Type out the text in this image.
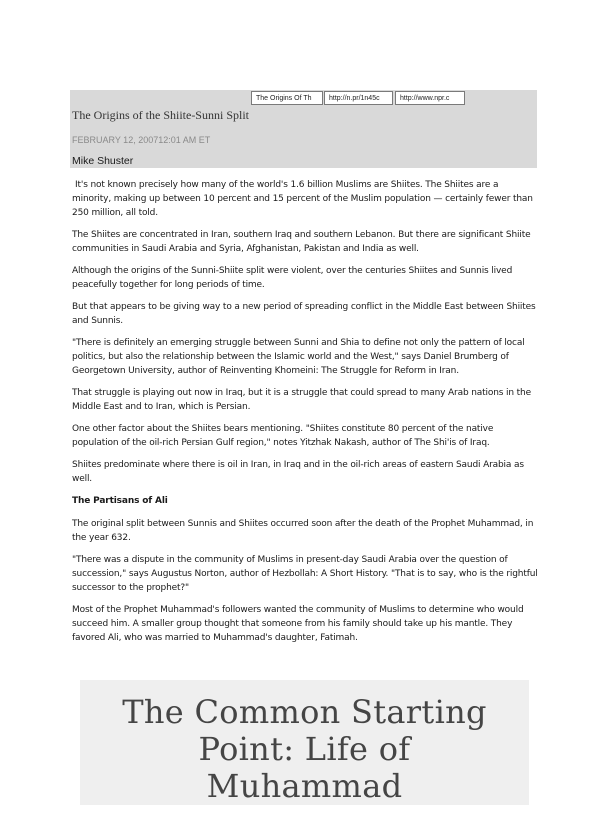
The Origins Of Th	http://n.pr/1n45c	http://www.npr.c
The Origins of the Shiite-Sunni Split
FEBRUARY 12, 200712:01 AM ET
Mike Shuster

It's not known precisely how many of the world's 1.6 billion Muslims are Shiites. The Shiites are a minority, making up between 10 percent and 15 percent of the Muslim population — certainly fewer than 250 million, all told.

The Shiites are concentrated in Iran, southern Iraq and southern Lebanon. But there are significant Shiite communities in Saudi Arabia and Syria, Afghanistan, Pakistan and India as well.

Although the origins of the Sunni-Shiite split were violent, over the centuries Shiites and Sunnis lived peacefully together for long periods of time.

But that appears to be giving way to a new period of spreading conflict in the Middle East between Shiites and Sunnis.

"There is definitely an emerging struggle between Sunni and Shia to define not only the pattern of local politics, but also the relationship between the Islamic world and the West," says Daniel Brumberg of Georgetown University, author of Reinventing Khomeini: The Struggle for Reform in Iran.

That struggle is playing out now in Iraq, but it is a struggle that could spread to many Arab nations in the Middle East and to Iran, which is Persian.

One other factor about the Shiites bears mentioning. "Shiites constitute 80 percent of the native population of the oil-rich Persian Gulf region," notes Yitzhak Nakash, author of The Shi'is of Iraq.

Shiites predominate where there is oil in Iran, in Iraq and in the oil-rich areas of eastern Saudi Arabia as well.

The Partisans of Ali

The original split between Sunnis and Shiites occurred soon after the death of the Prophet Muhammad, in the year 632.

"There was a dispute in the community of Muslims in present-day Saudi Arabia over the question of succession," says Augustus Norton, author of Hezbollah: A Short History. "That is to say, who is the rightful successor to the prophet?"

Most of the Prophet Muhammad's followers wanted the community of Muslims to determine who would succeed him. A smaller group thought that someone from his family should take up his mantle. They favored Ali, who was married to Muhammad's daughter, Fatimah.

The Common Starting
Point: Life of
Muhammad
